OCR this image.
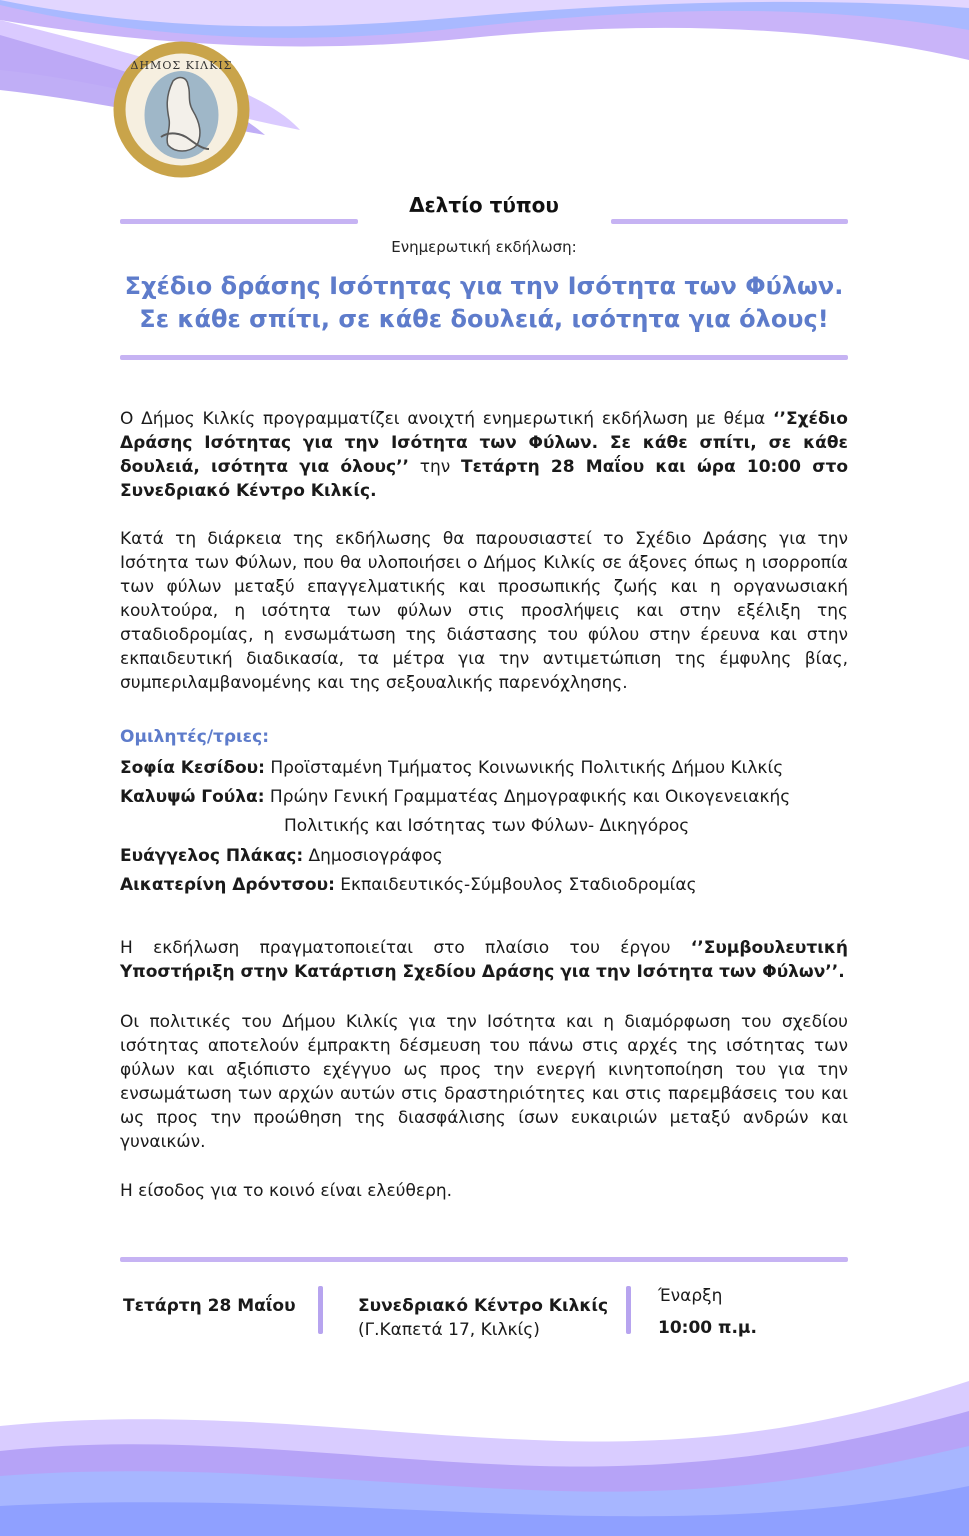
ΔΗΜΟΣ ΚΙΛΚΙΣ
Δελτίο τύπου
Ενημερωτική εκδήλωση:
Σχέδιο δράσης Ισότητας για την Ισότητα των Φύλων.
Σε κάθε σπίτι, σε κάθε δουλειά, ισότητα για όλους!
Ο Δήμος Κιλκίς προγραμματίζει ανοιχτή ενημερωτική εκδήλωση με θέμα ‘’Σχέδιο Δράσης Ισότητας για την Ισότητα των Φύλων. Σε κάθε σπίτι, σε κάθε δουλειά, ισότητα για όλους’’ την Τετάρτη 28 Μαΐου και ώρα 10:00 στο Συνεδριακό Κέντρο Κιλκίς.
Κατά τη διάρκεια της εκδήλωσης θα παρουσιαστεί το Σχέδιο Δράσης για την Ισότητα των Φύλων, που θα υλοποιήσει ο Δήμος Κιλκίς σε άξονες όπως η ισορροπία των φύλων μεταξύ επαγγελματικής και προσωπικής ζωής και η οργανωσιακή κουλτούρα, η ισότητα των φύλων στις προσλήψεις και στην εξέλιξη της σταδιοδρομίας, η ενσωμάτωση της διάστασης του φύλου στην έρευνα και στην εκπαιδευτική διαδικασία, τα μέτρα για την αντιμετώπιση της έμφυλης βίας, συμπεριλαμβανομένης και της σεξουαλικής παρενόχλησης.
Ομιλητές/τριες:
Σοφία Κεσίδου: Προϊσταμένη Τμήματος Κοινωνικής Πολιτικής Δήμου Κιλκίς
Καλυψώ Γούλα: Πρώην Γενική Γραμματέας Δημογραφικής και Οικογενειακής
Πολιτικής και Ισότητας των Φύλων- Δικηγόρος
Ευάγγελος Πλάκας: Δημοσιογράφος
Αικατερίνη Δρόντσου: Εκπαιδευτικός-Σύμβουλος Σταδιοδρομίας
Η εκδήλωση πραγματοποιείται στο πλαίσιο του έργου ‘’Συμβουλευτική Υποστήριξη στην Κατάρτιση Σχεδίου Δράσης για την Ισότητα των Φύλων’’.
Οι πολιτικές του Δήμου Κιλκίς για την Ισότητα και η διαμόρφωση του σχεδίου ισότητας αποτελούν έμπρακτη δέσμευση του πάνω στις αρχές της ισότητας των φύλων και αξιόπιστο εχέγγυο ως προς την ενεργή κινητοποίηση του για την ενσωμάτωση των αρχών αυτών στις δραστηριότητες και στις παρεμβάσεις του και ως προς την προώθηση της διασφάλισης ίσων ευκαιριών μεταξύ ανδρών και γυναικών.
Η είσοδος για το κοινό είναι ελεύθερη.
Τετάρτη 28 Μαΐου	Συνεδριακό Κέντρο Κιλκίς
(Γ.Καπετά 17, Κιλκίς)
Έναρξη
10:00 π.μ.
